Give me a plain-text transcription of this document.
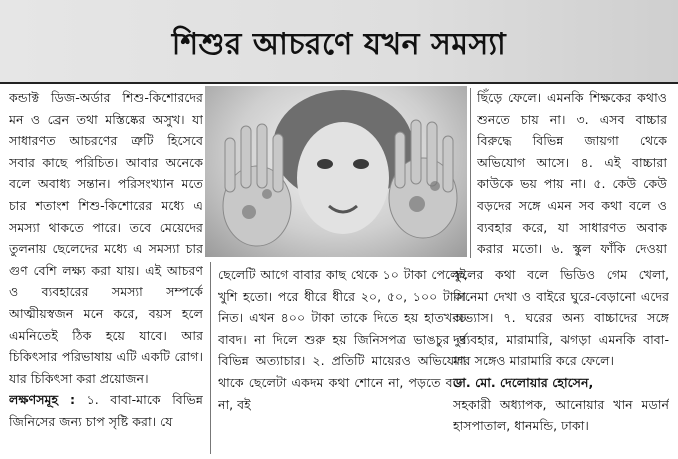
শিশুর আচরণে যখন সমস্যা

কন্ডাক্ট ডিজ-অর্ডার শিশু-কিশোরদের মন ও ব্রেন তথা মস্তিষ্কের অসুখ। যা সাধারণত আচরণের ত্রুটি হিসেবে সবার কাছে পরিচিত। আবার অনেকে বলে অবাধ্য সন্তান। পরিসংখ্যান মতে চার শতাংশ শিশু-কিশোরের মধ্যে এ সমস্যা থাকতে পারে। তবে মেয়েদের তুলনায় ছেলেদের মধ্যে এ সমস্যা চার গুণ বেশি লক্ষ্য করা যায়। এই আচরণ ও ব্যবহারের সমস্যা সম্পর্কে আত্মীয়স্বজন মনে করে, বয়স হলে এমনিতেই ঠিক হয়ে যাবে। আর চিকিৎসার পরিভাষায় এটি একটি রোগ। যার চিকিৎসা করা প্রয়োজন।

লক্ষণসমূহ : ১. বাবা-মাকে বিভিন্ন জিনিসের জন্য চাপ সৃষ্টি করা। যে

ছিঁড়ে ফেলে। এমনকি শিক্ষকের কথাও শুনতে চায় না। ৩. এসব বাচ্চার বিরুদ্ধে বিভিন্ন জায়গা থেকে অভিযোগ আসে। ৪. এই বাচ্চারা কাউকে ভয় পায় না। ৫. কেউ কেউ বড়দের সঙ্গে এমন সব কথা বলে ও ব্যবহার করে, যা সাধারণত অবাক করার মতো। ৬. স্কুল ফাঁকি দেওয়া

ছেলেটি আগে বাবার কাছ থেকে ১০ টাকা পেলেই খুশি হতো। পরে ধীরে ধীরে ২০, ৫০, ১০০ টাকা নিত। এখন ৪০০ টাকা তাকে দিতে হয় হাতখরচ বাবদ। না দিলে শুরু হয় জিনিসপত্র ভাঙচুর ও বিভিন্ন অত্যাচার। ২. প্রতিটি মায়েরও অভিযোগ থাকে ছেলেটা একদম কথা শোনে না, পড়তে বসে না, বই

স্কুলের কথা বলে ভিডিও গেম খেলা, সিনেমা দেখা ও বাইরে ঘুরে-বেড়ানো এদের অভ্যাস। ৭. ঘরের অন্য বাচ্চাদের সঙ্গে দুর্ব্যবহার, মারামারি, ঝগড়া এমনকি বাবা-মার সঙ্গেও মারামারি করে ফেলে।

ডা. মো. দেলোয়ার হোসেন,

সহকারী অধ্যাপক, আনোয়ার খান মডার্ন হাসপাতাল, ধানমন্ডি, ঢাকা।
